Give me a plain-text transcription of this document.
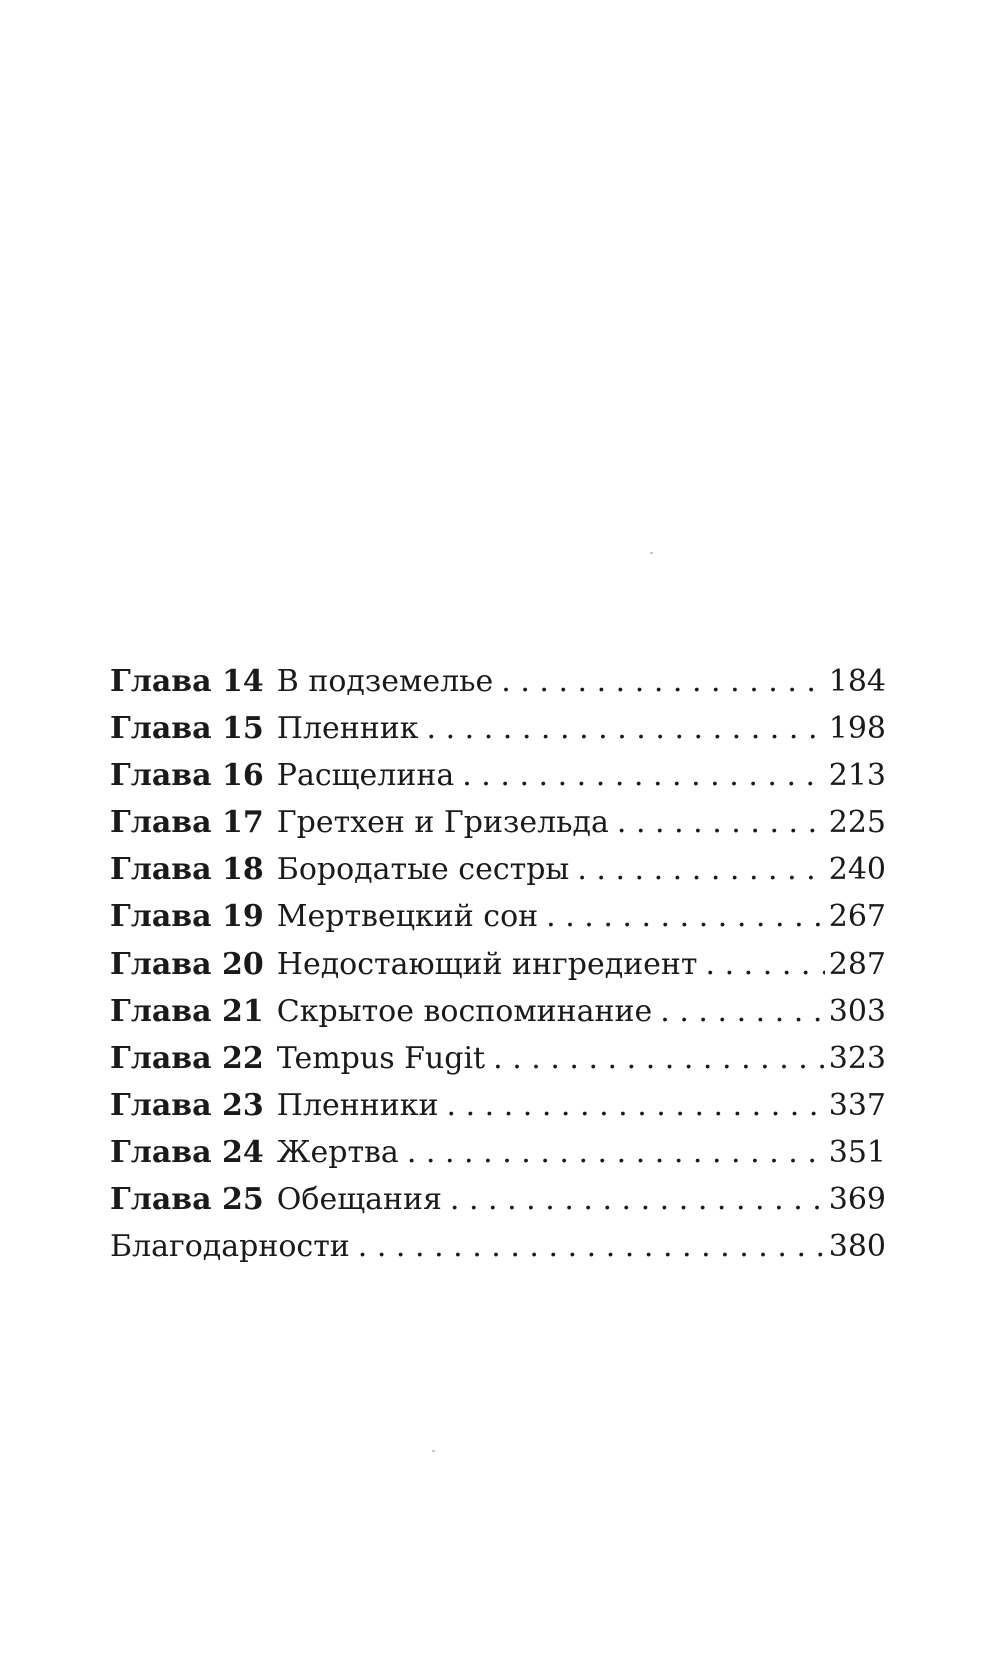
Глава 14 В подземелье . . .	184
Глава 15 Пленник . . .	198
Глава 16 Расщелина . . .	213
Глава 17 Гретхен и Гризельда . . .	225
Глава 18 Бородатые сестры . . .	240
Глава 19 Мертвецкий сон . . .	267
Глава 20 Недостающий ингредиент . . .	287
Глава 21 Скрытое воспоминание . . .	303
Глава 22 Tempus Fugit . . .	323
Глава 23 Пленники . . .	337
Глава 24 Жертва . . .	351
Глава 25 Обещания . . .	369
Благодарности . . .	380
